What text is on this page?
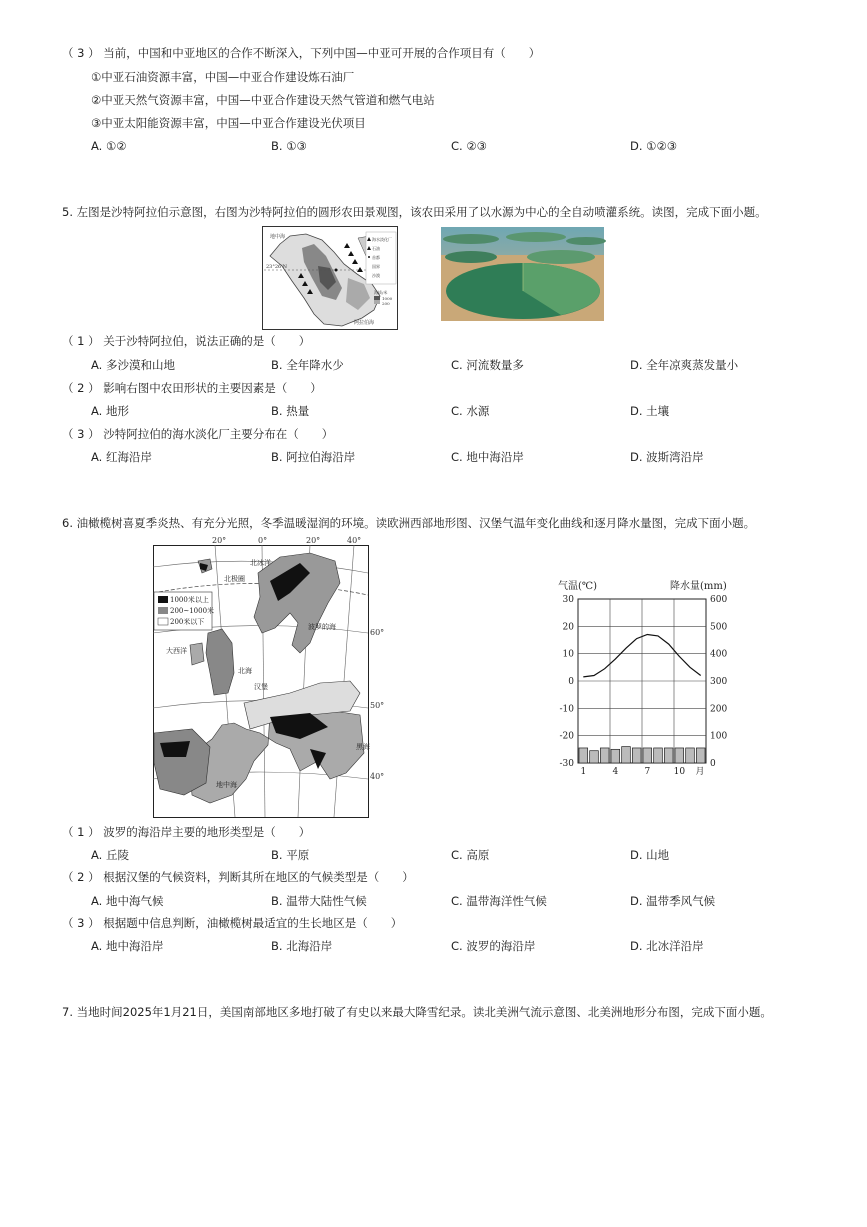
（ 3 ） 当前，中国和中亚地区的合作不断深入，下列中国—中亚可开展的合作项目有（　　）
①中亚石油资源丰富，中国—中亚合作建设炼石油厂
②中亚天然气资源丰富，中国—中亚合作建设天然气管道和燃气电站
③中亚太阳能资源丰富，中国—中亚合作建设光伏项目
A. ①②	B. ①③	C. ②③	D. ①②③
5. 左图是沙特阿拉伯示意图，右图为沙特阿拉伯的圆形农田景观图，该农田采用了以水源为中心的全自动喷灌系统。读图，完成下面小题。
地中海
23°26'N
阿拉伯海
海水淡化厂
石油
首都
国界
沙漠
海拔/米
1000
200
（ 1 ） 关于沙特阿拉伯，说法正确的是（　　）
A. 多沙漠和山地	B. 全年降水少	C. 河流数量多	D. 全年凉爽蒸发量小
（ 2 ） 影响右图中农田形状的主要因素是（　　）
A. 地形	B. 热量	C. 水源	D. 土壤
（ 3 ） 沙特阿拉伯的海水淡化厂主要分布在（　　）
A. 红海沿岸	B. 阿拉伯海沿岸	C. 地中海沿岸	D. 波斯湾沿岸
6. 油橄榄树喜夏季炎热、有充分光照，冬季温暖湿润的环境。读欧洲西部地形图、汉堡气温年变化曲线和逐月降水量图，完成下面小题。
20°	0°	20°	40°
60°
50°
40°
1000米以上
200~1000米
200米以下
北冰洋
北极圈
大西洋
北海
汉堡
波罗的海
地中海
黑海
气温(℃)	降水量(mm)
30
20
10
0
-10
-20
-30
600
500
400
300
200
100
0
1	4	7	10 月
（ 1 ） 波罗的海沿岸主要的地形类型是（　　）
A. 丘陵	B. 平原	C. 高原	D. 山地
（ 2 ） 根据汉堡的气候资料，判断其所在地区的气候类型是（　　）
A. 地中海气候	B. 温带大陆性气候	C. 温带海洋性气候	D. 温带季风气候
（ 3 ） 根据题中信息判断，油橄榄树最适宜的生长地区是（　　）
A. 地中海沿岸	B. 北海沿岸	C. 波罗的海沿岸	D. 北冰洋沿岸
7. 当地时间2025年1月21日，美国南部地区多地打破了有史以来最大降雪纪录。读北美洲气流示意图、北美洲地形分布图，完成下面小题。
